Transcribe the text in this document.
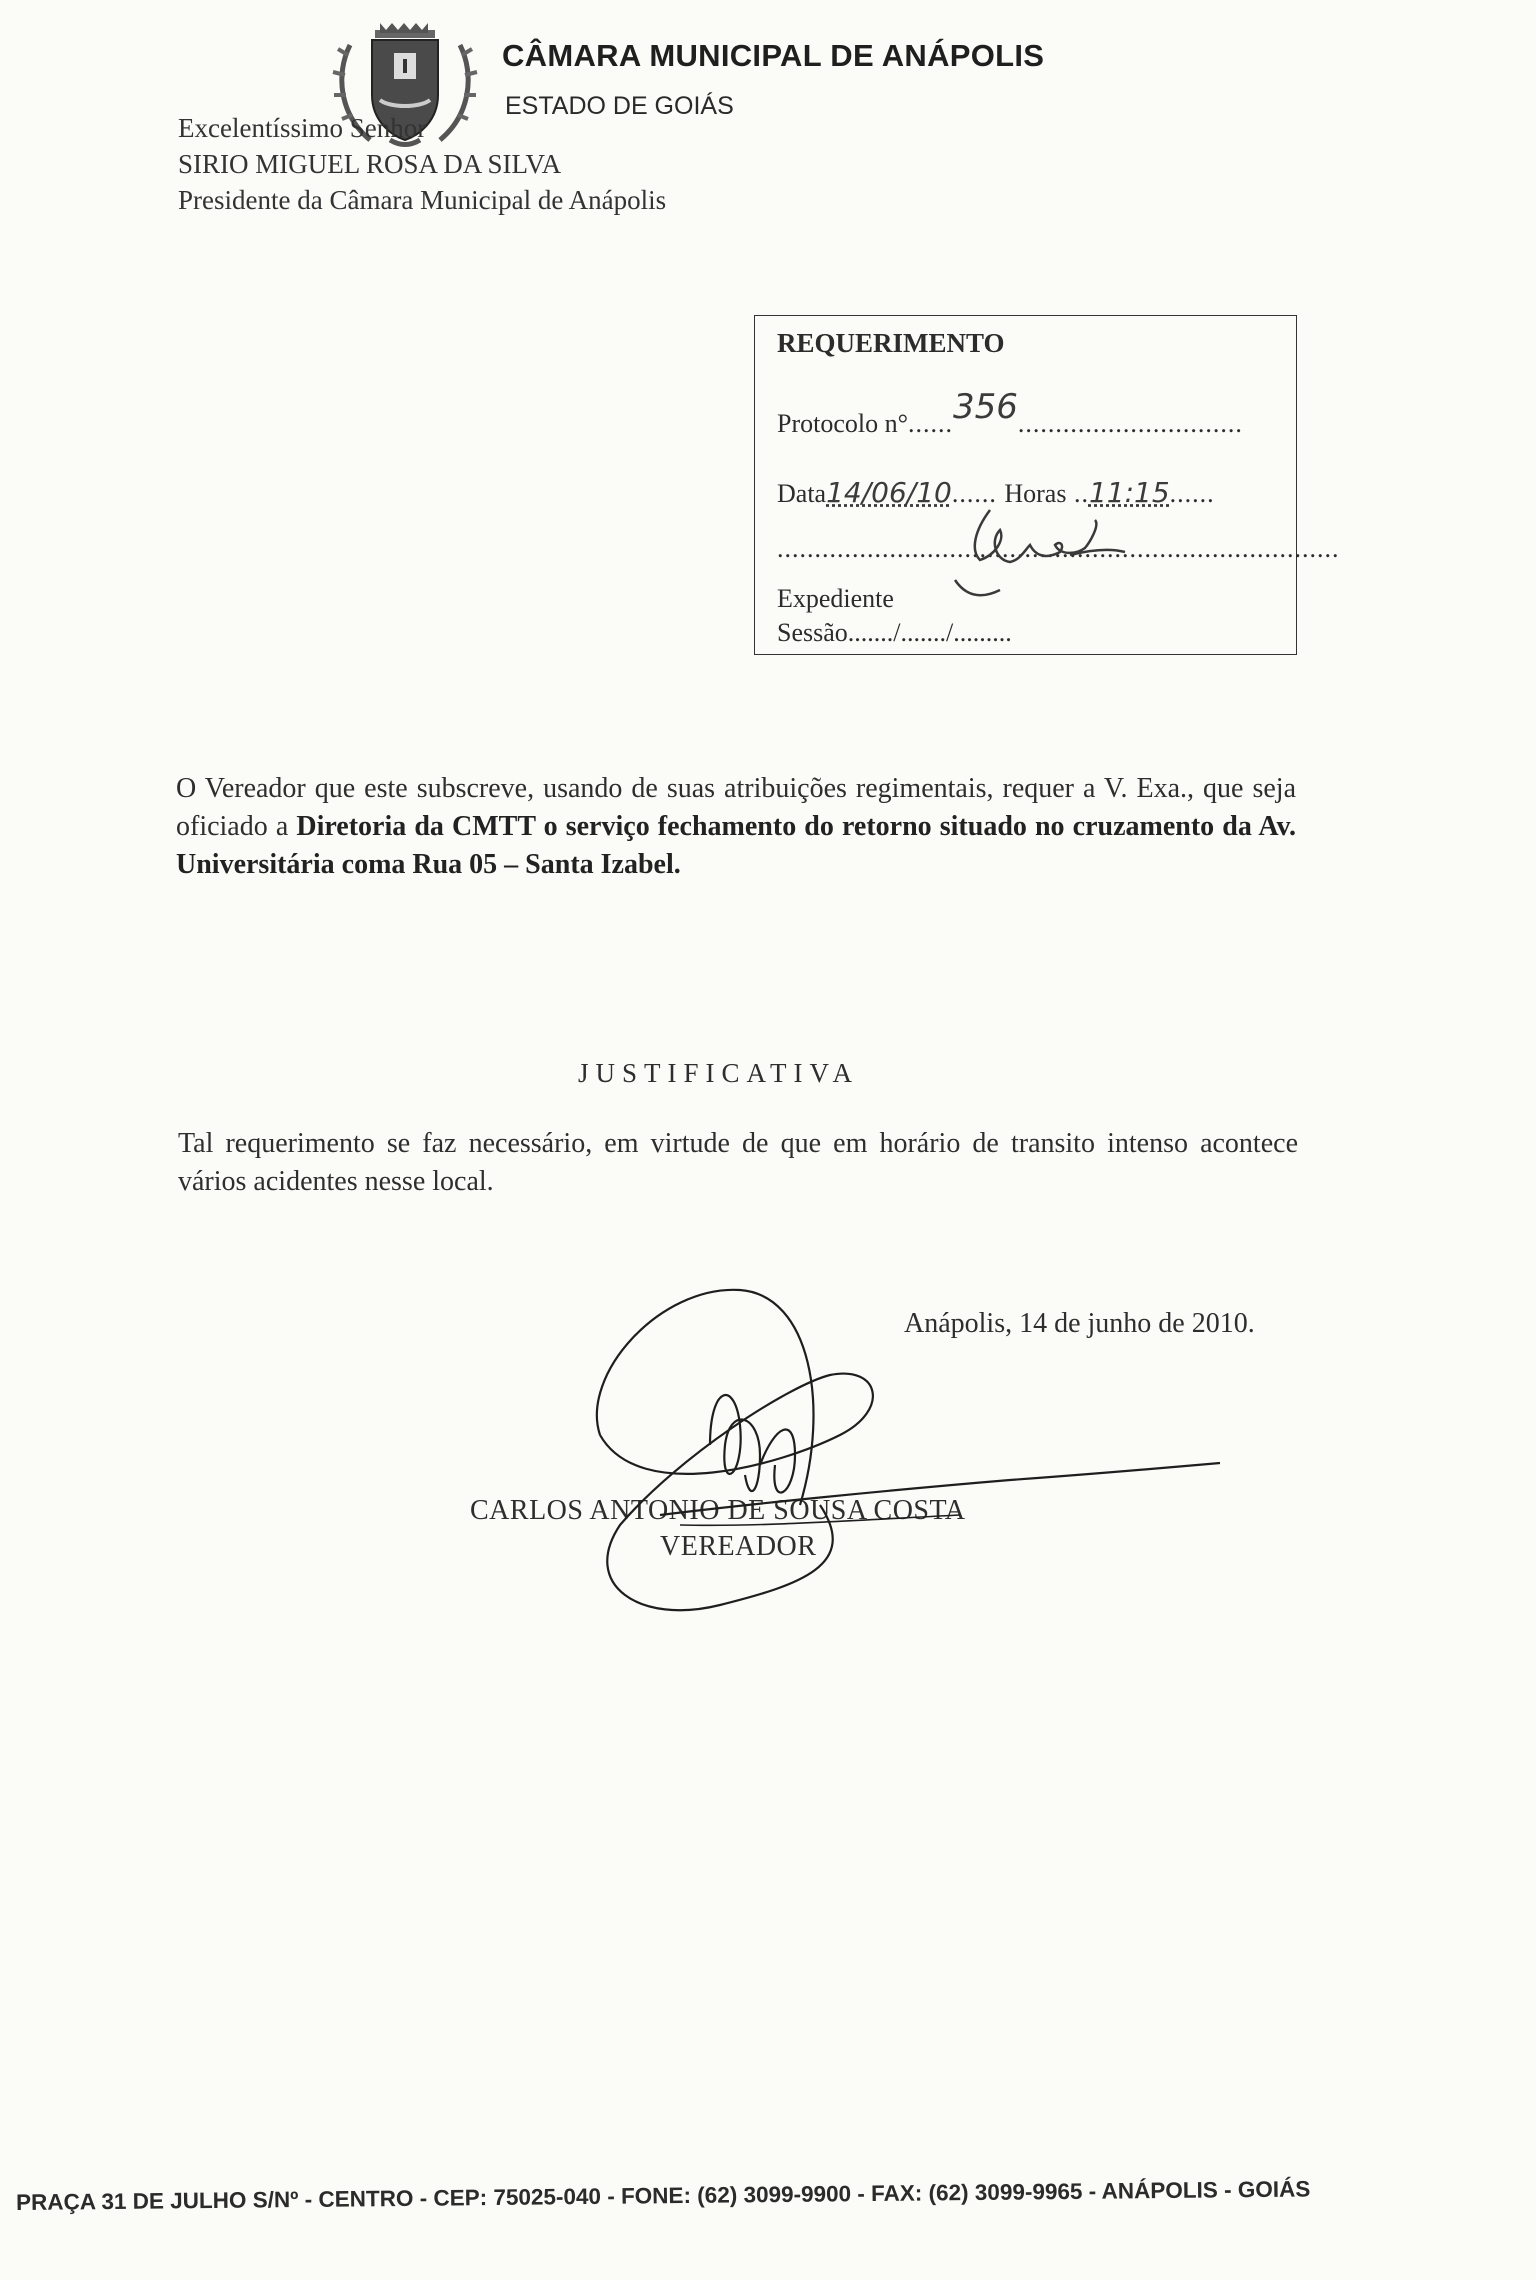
CÂMARA MUNICIPAL DE ANÁPOLIS
ESTADO DE GOIÁS
Excelentíssimo Senhor
SIRIO MIGUEL ROSA DA SILVA
Presidente da Câmara Municipal de Anápolis
REQUERIMENTO
Protocolo n°......356..............................
Data14/06/10...... Horas ..11:15......
...........................................................................
Expediente
Sessão......./......./.........
O Vereador que este subscreve, usando de suas atribuições regimentais, requer a V. Exa., que seja oficiado a Diretoria da CMTT o serviço fechamento do retorno situado no cruzamento da Av. Universitária coma Rua 05 – Santa Izabel.
JUSTIFICATIVA
Tal requerimento se faz necessário, em virtude de que em horário de transito intenso acontece vários acidentes nesse local.
Anápolis, 14 de junho de 2010.
CARLOS ANTONIO DE SOUSA COSTA
VEREADOR
PRAÇA 31 DE JULHO S/Nº - CENTRO - CEP: 75025-040 - FONE: (62) 3099-9900 - FAX: (62) 3099-9965 - ANÁPOLIS - GOIÁS
